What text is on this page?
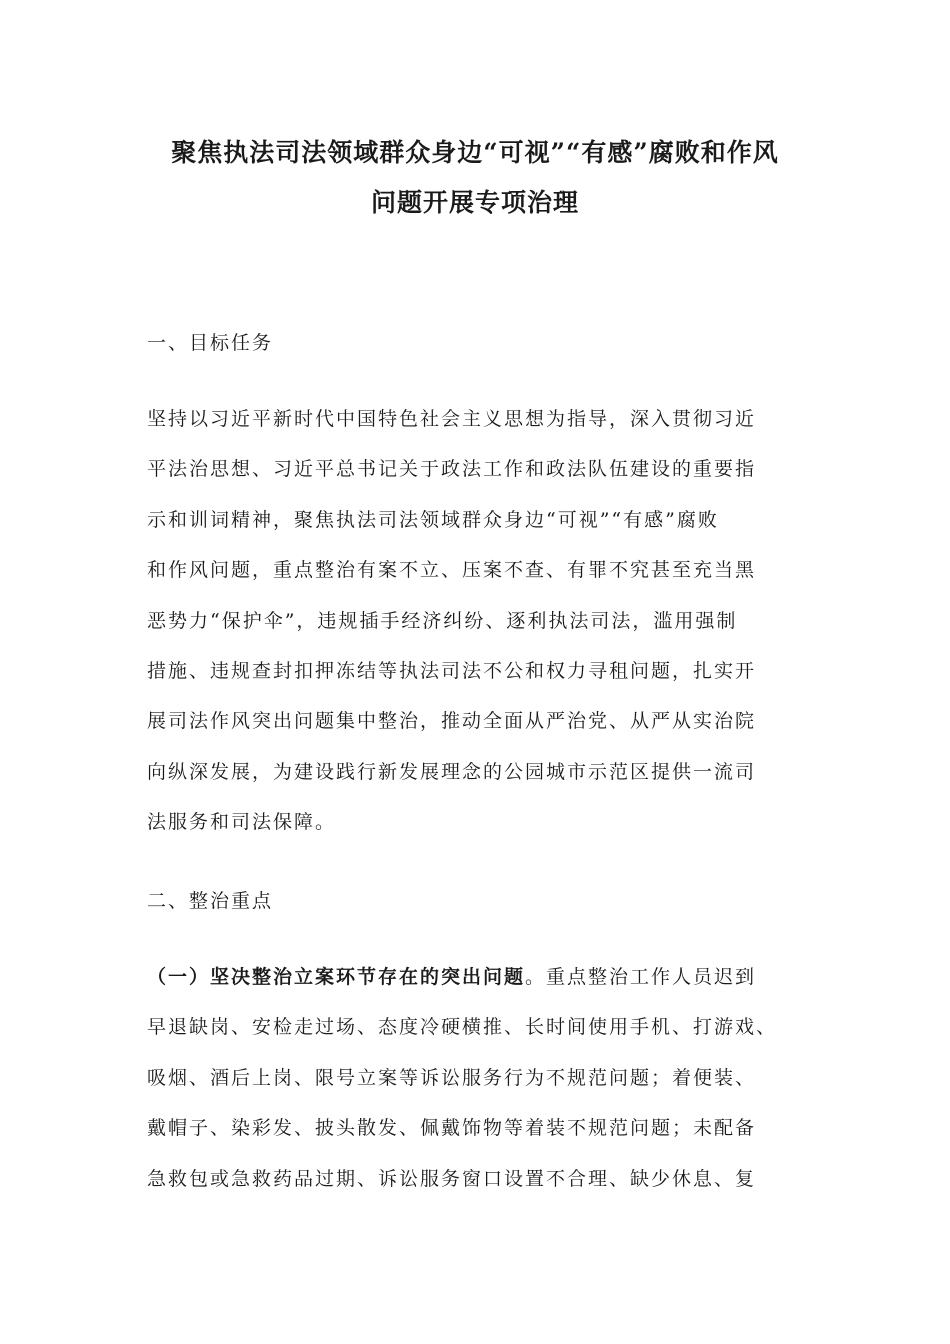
聚焦执法司法领域群众身边“可视”“有感”腐败和作风
问题开展专项治理
一、目标任务
坚持以习近平新时代中国特色社会主义思想为指导，深入贯彻习近
平法治思想、习近平总书记关于政法工作和政法队伍建设的重要指
示和训词精神，聚焦执法司法领域群众身边“可视”“有感”腐败
和作风问题，重点整治有案不立、压案不查、有罪不究甚至充当黑
恶势力“保护伞”，违规插手经济纠纷、逐利执法司法，滥用强制
措施、违规查封扣押冻结等执法司法不公和权力寻租问题，扎实开
展司法作风突出问题集中整治，推动全面从严治党、从严从实治院
向纵深发展，为建设践行新发展理念的公园城市示范区提供一流司
法服务和司法保障。
二、整治重点
（一）坚决整治立案环节存在的突出问题。重点整治工作人员迟到
早退缺岗、安检走过场、态度冷硬横推、长时间使用手机、打游戏、
吸烟、酒后上岗、限号立案等诉讼服务行为不规范问题；着便装、
戴帽子、染彩发、披头散发、佩戴饰物等着装不规范问题；未配备
急救包或急救药品过期、诉讼服务窗口设置不合理、缺少休息、复
